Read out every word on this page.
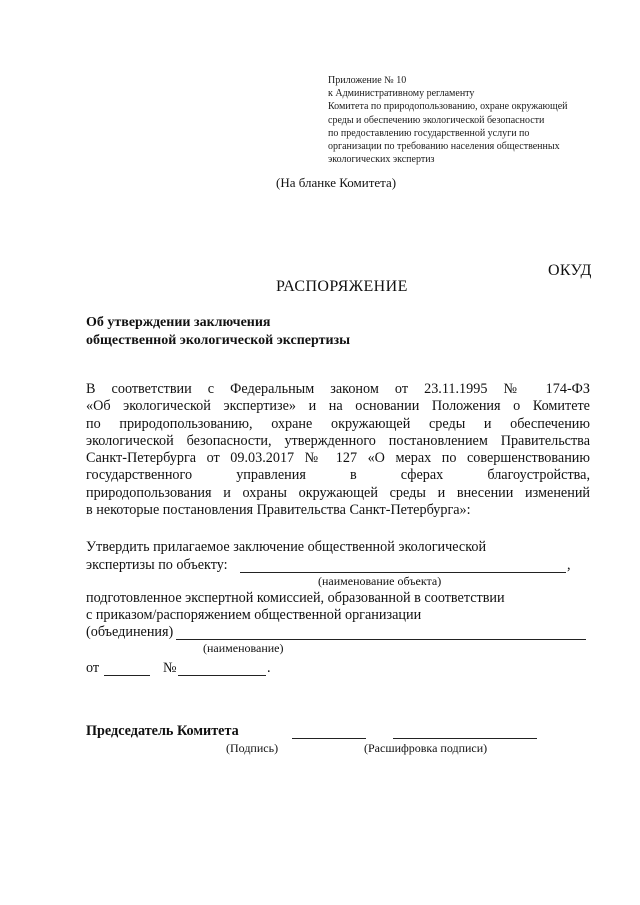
Приложение № 10
к Административному регламенту
Комитета по природопользованию, охране окружающей
среды и обеспечению экологической безопасности
по предоставлению государственной услуги по
организации по требованию населения общественных
экологических экспертиз
(На бланке Комитета)
ОКУД
РАСПОРЯЖЕНИЕ
Об утверждении заключения
общественной экологической экспертизы
В соответствии с Федеральным законом от 23.11.1995 № 174-ФЗ
«Об экологической экспертизе» и на основании Положения о Комитете
по природопользованию, охране окружающей среды и обеспечению
экологической безопасности, утвержденного постановлением Правительства
Санкт-Петербурга от 09.03.2017 № 127 «О мерах по совершенствованию
государственного управления в сферах благоустройства,
природопользования и охраны окружающей среды и внесении изменений
в некоторые постановления Правительства Санкт-Петербурга»:
Утвердить прилагаемое заключение общественной экологической
экспертизы по объекту:	,
(наименование объекта)
подготовленное экспертной комиссией, образованной в соответствии
с приказом/распоряжением общественной организации
(объединения)
(наименование)
от	№	.
Председатель Комитета
(Подпись)	(Расшифровка подписи)
